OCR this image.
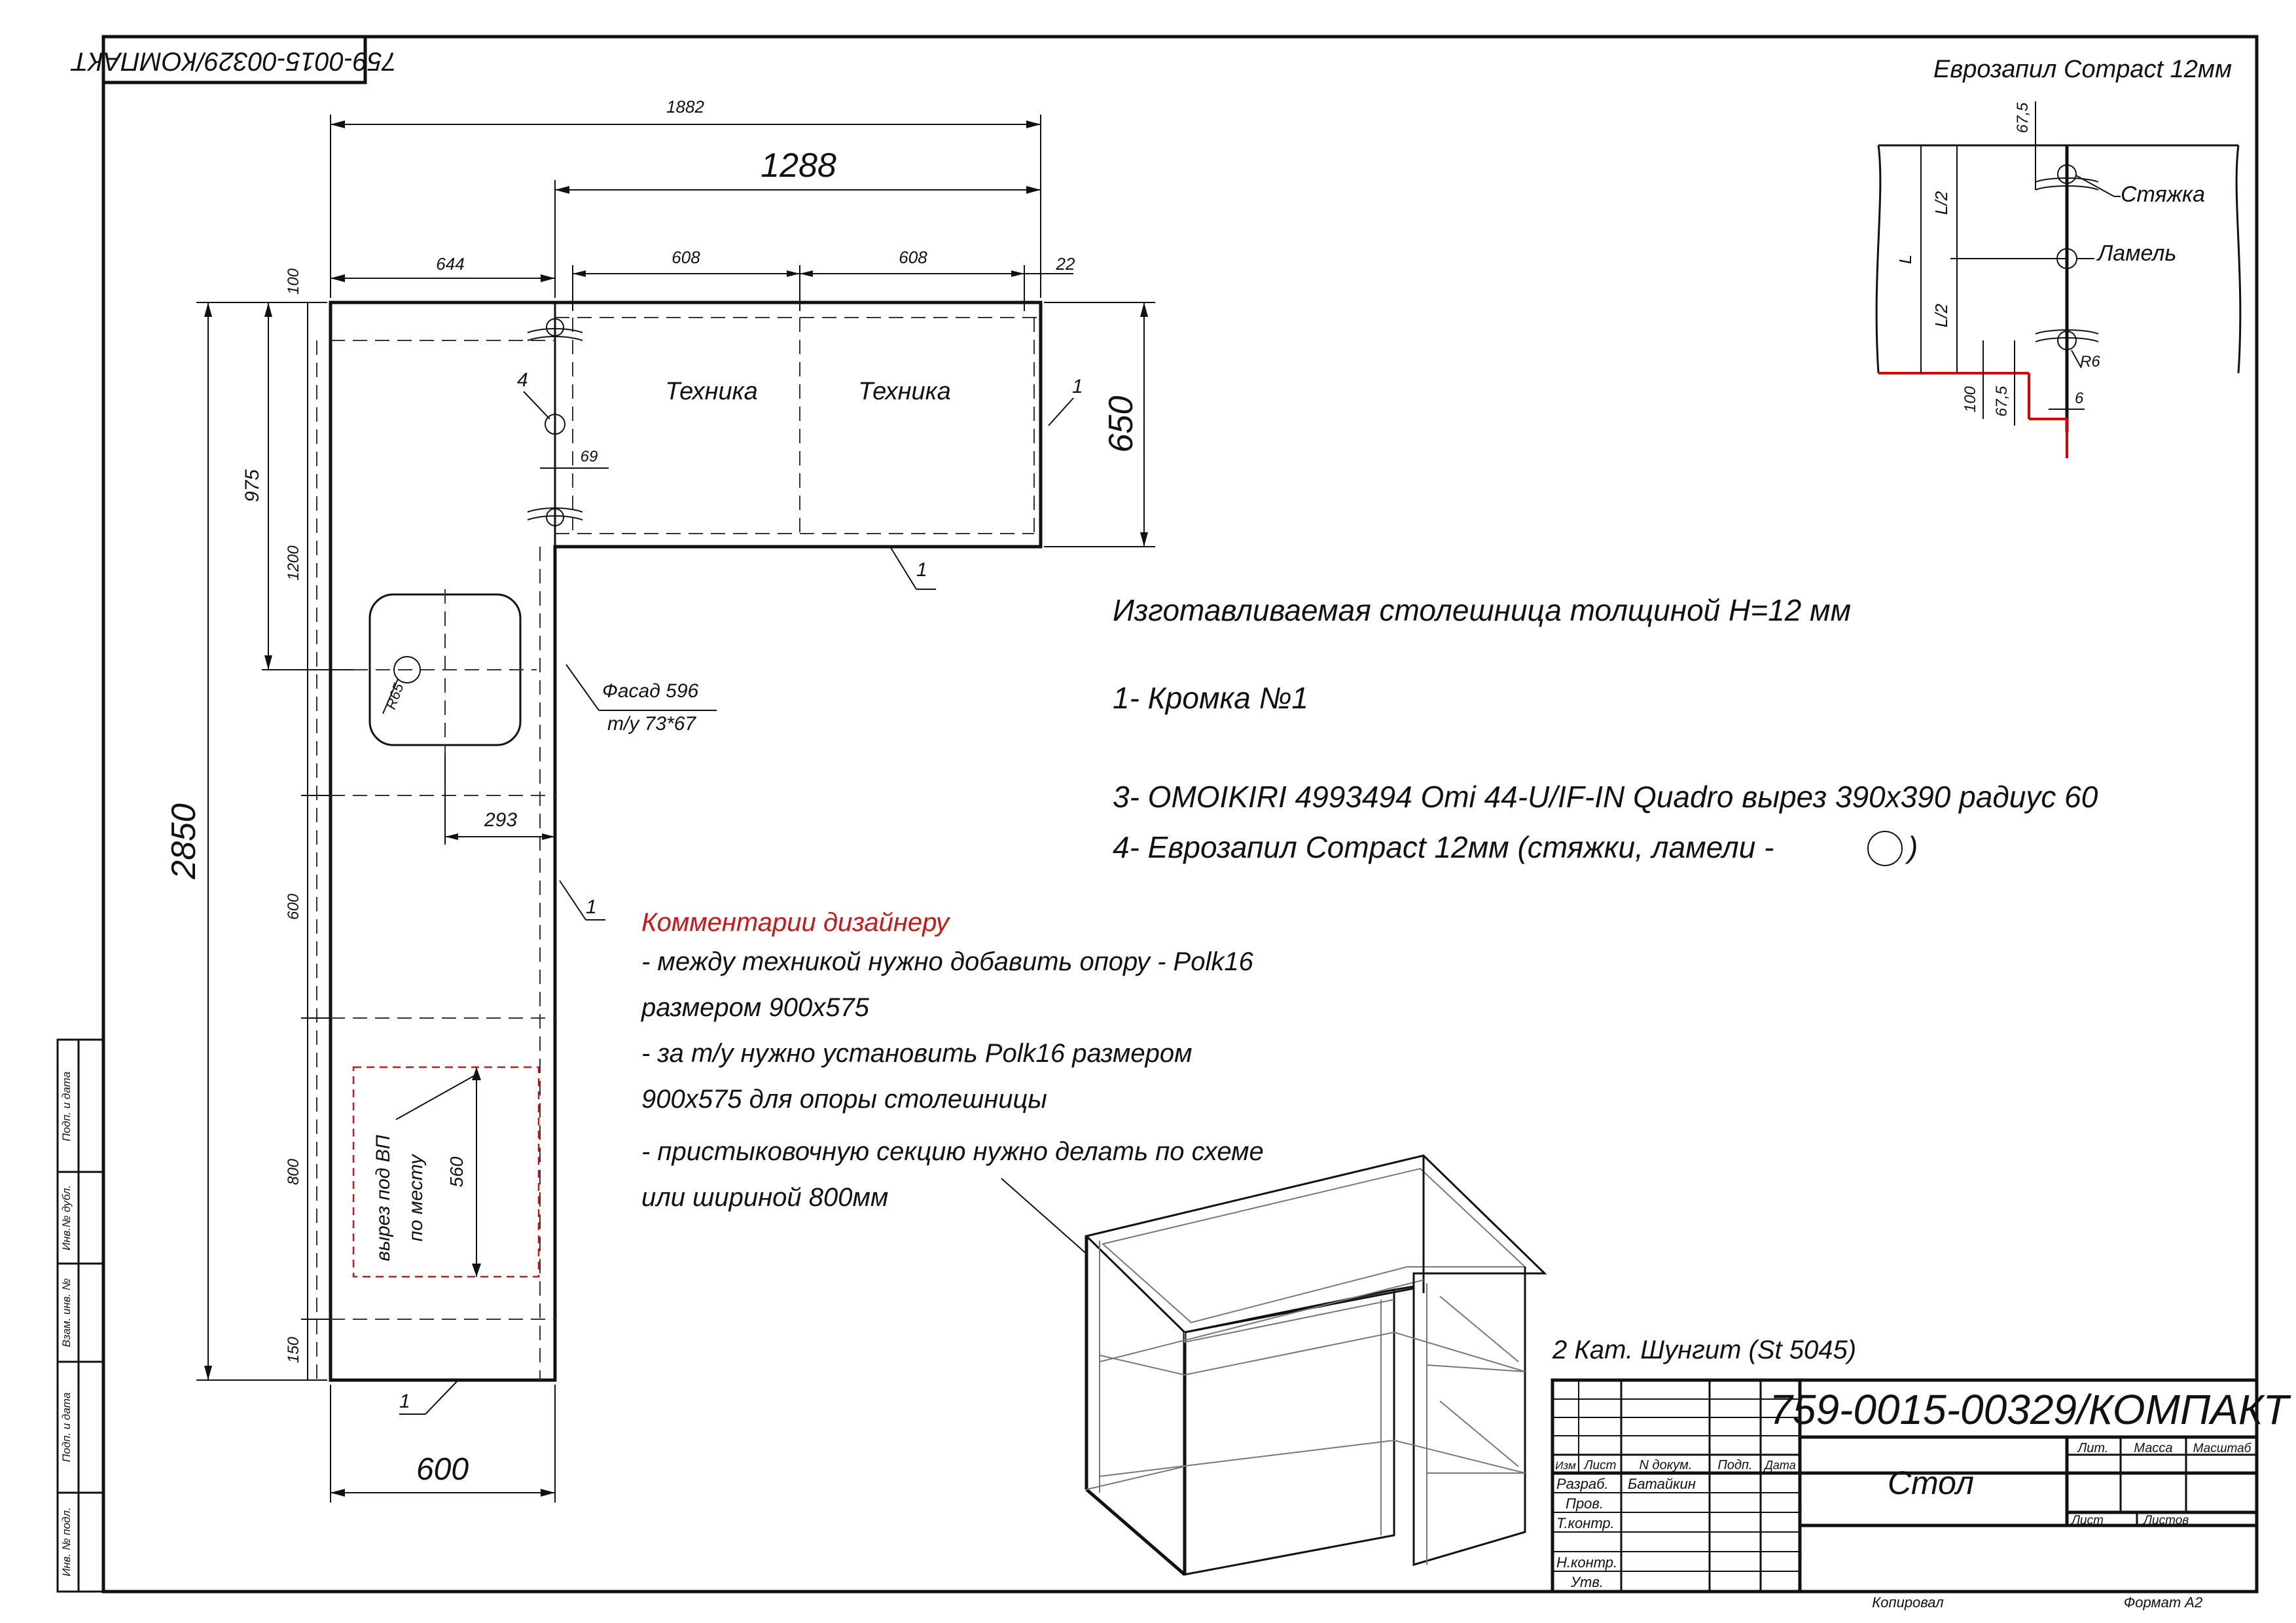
759-0015-00329/КОМПАКТ
Инв. № подл.
Подп. и дата
Взам. инв. №
Инв.№ дубл.
Подп. и дата
R65
вырез под ВП по месту 560
Техника	Техника
4	1
1
1
1
Фасад 596
т/у 73*67
1882
1288
644	608	608	22
650
2850
975
100
1200
600
800
150
69
293
600
Еврозапил Compact 12мм
Стяжка
Ламель
L
L/2
L/2
67,5
100 67,5
R6
6
Изготавливаемая столешница толщиной Н=12 мм
1- Кромка №1
3- OMOIKIRI 4993494 Omi 44-U/IF-IN Quadro вырез 390х390 радиус 60
4- Еврозапил Compact 12мм (стяжки, ламели -	)
Комментарии дизайнеру
- между техникой нужно добавить опору - Polk16
размером 900х575
- за т/у нужно установить Polk16 размером
900х575 для опоры столешницы
- пристыковочную секцию нужно делать по схеме
или шириной 800мм
2 Кат. Шунгит (St 5045)
Изм Лист N докум. Подп. Дата
Разраб. Батайкин
Пров.
Т.контр.
Н.контр.
Утв.
759-0015-00329/КОМПАКТ
Стол
Лит. Масса Масштаб
Лист	Листов
Копировал	Формат A2
